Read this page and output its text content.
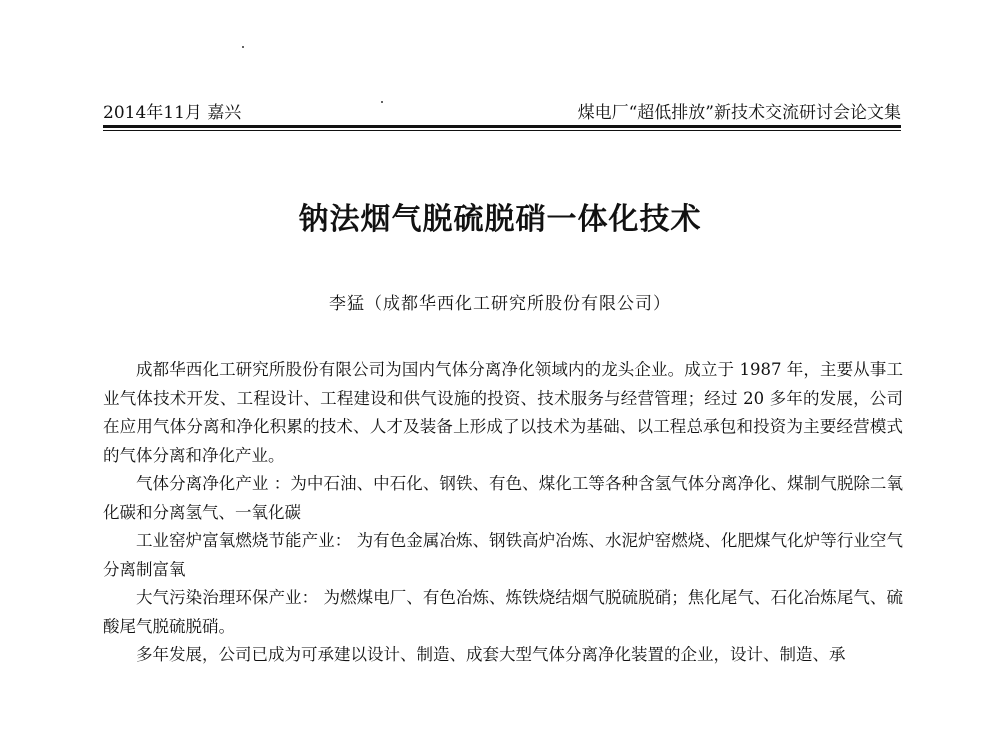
2014年11月 嘉兴	煤电厂“超低排放”新技术交流研讨会论文集
钠法烟气脱硫脱硝一体化技术
李猛（成都华西化工研究所股份有限公司）

成都华西化工研究所股份有限公司为国内气体分离净化领域内的龙头企业。成立于 1987 年，主要从事工业气体技术开发、工程设计、工程建设和供气设施的投资、技术服务与经营管理；经过 20 多年的发展，公司在应用气体分离和净化积累的技术、人才及装备上形成了以技术为基础、以工程总承包和投资为主要经营模式的气体分离和净化产业。

气体分离净化产业 ：为中石油、中石化、钢铁、有色、煤化工等各种含氢气体分离净化、煤制气脱除二氧化碳和分离氢气、一氧化碳

工业窑炉富氧燃烧节能产业： 为有色金属冶炼、钢铁高炉冶炼、水泥炉窑燃烧、化肥煤气化炉等行业空气分离制富氧

大气污染治理环保产业： 为燃煤电厂、有色冶炼、炼铁烧结烟气脱硫脱硝；焦化尾气、石化冶炼尾气、硫酸尾气脱硫脱硝。

多年发展，公司已成为可承建以设计、制造、成套大型气体分离净化装置的企业，设计、制造、承
